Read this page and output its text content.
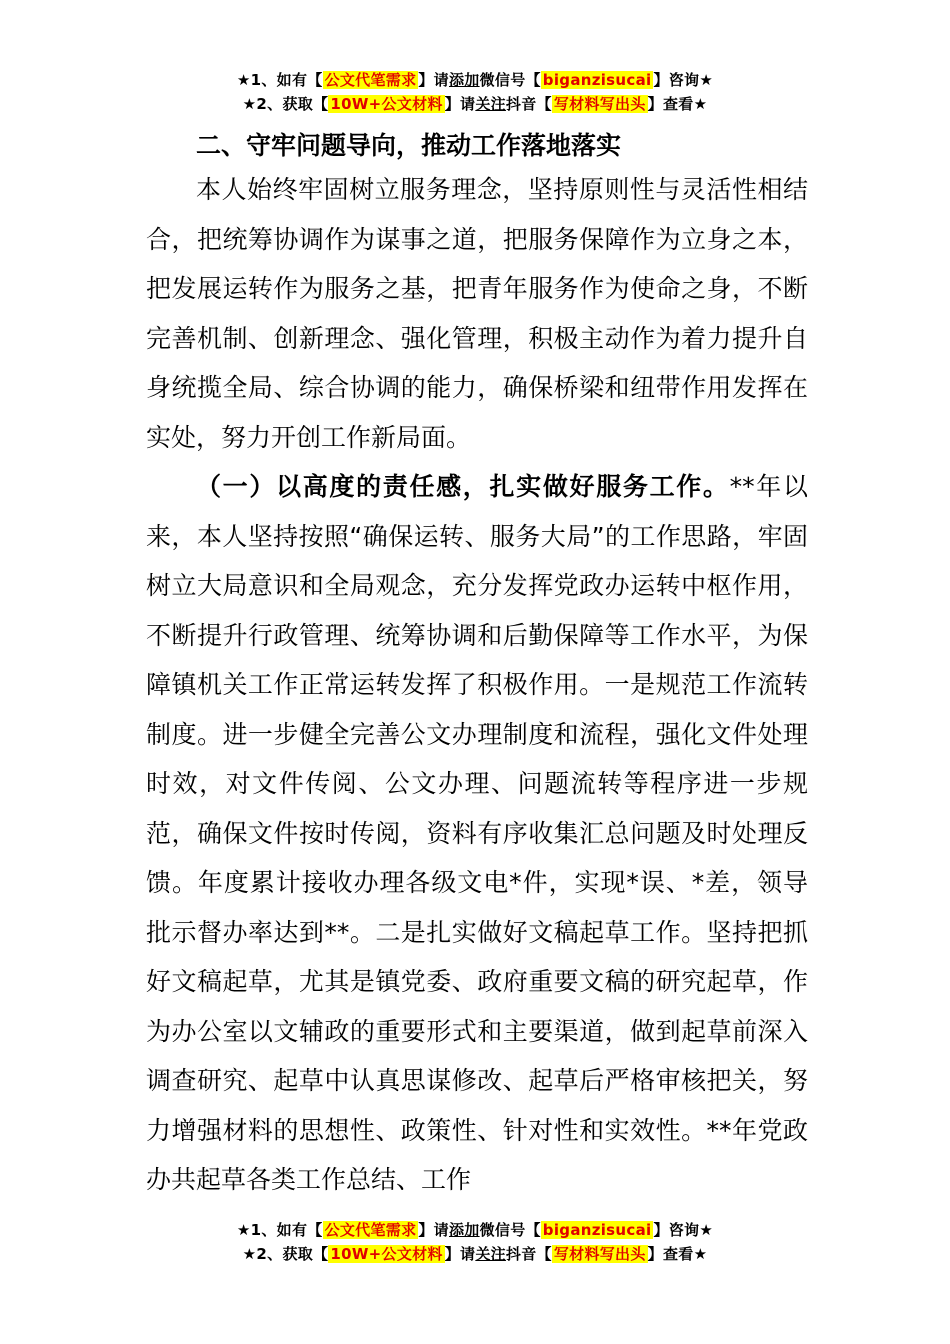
★1、如有【 公文代笔需求 】请添加微信号【 biganzisucai 】咨询★
★2、获取【 10W+公文材料 】请关注抖音【 写材料写出头 】查看★
二、守牢问题导向，推动工作落地落实

本人始终牢固树立服务理念，坚持原则性与灵活性相结合，把统筹协调作为谋事之道，把服务保障作为立身之本，把发展运转作为服务之基，把青年服务作为使命之身，不断完善机制、创新理念、强化管理，积极主动作为着力提升自身统揽全局、综合协调的能力，确保桥梁和纽带作用发挥在实处，努力开创工作新局面。

（一）以高度的责任感，扎实做好服务工作。**年以来，本人坚持按照“确保运转、服务大局”的工作思路，牢固树立大局意识和全局观念，充分发挥党政办运转中枢作用，不断提升行政管理、统筹协调和后勤保障等工作水平，为保障镇机关工作正常运转发挥了积极作用。一是规范工作流转制度。进一步健全完善公文办理制度和流程，强化文件处理时效，对文件传阅、公文办理、问题流转等程序进一步规范，确保文件按时传阅，资料有序收集汇总问题及时处理反馈。年度累计接收办理各级文电*件，实现*误、*差，领导批示督办率达到**。二是扎实做好文稿起草工作。坚持把抓好文稿起草，尤其是镇党委、政府重要文稿的研究起草，作为办公室以文辅政的重要形式和主要渠道，做到起草前深入调查研究、起草中认真思谋修改、起草后严格审核把关，努力增强材料的思想性、政策性、针对性和实效性。**年党政办共起草各类工作总结、工作

★1、如有【 公文代笔需求 】请添加微信号【 biganzisucai 】咨询★
★2、获取【 10W+公文材料 】请关注抖音【 写材料写出头 】查看★
